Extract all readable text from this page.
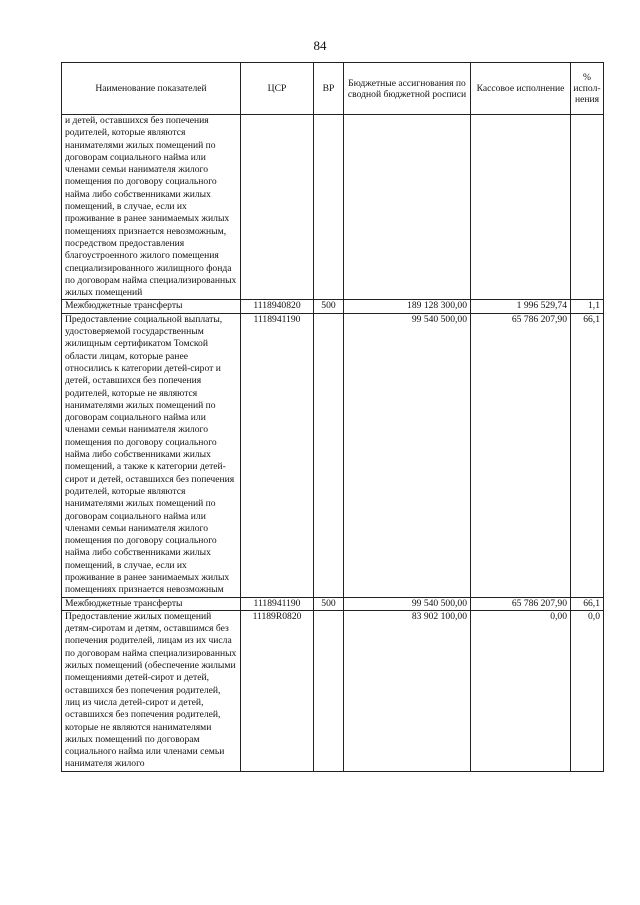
84
Наименование показателей	ЦСР	ВР	Бюджетные ассигнования по сводной бюджетной росписи	Кассовое исполнение	% испол-нения
и детей, оставшихся без попечения родителей, которые являются нанимателями жилых помещений по договорам социального найма или членами семьи нанимателя жилого помещения по договору социального найма либо собственниками жилых помещений, в случае, если их проживание в ранее занимаемых жилых помещениях признается невозможным, посредством предоставления благоустроенного жилого помещения специализированного жилищного фонда по договорам найма специализированных жилых помещений					
Межбюджетные трансферты	1118940820	500	189 128 300,00	1 996 529,74	1,1
Предоставление социальной выплаты, удостоверяемой государственным жилищным сертификатом Томской области лицам, которые ранее относились к категории детей-сирот и детей, оставшихся без попечения родителей, которые не являются нанимателями жилых помещений по договорам социального найма или членами семьи нанимателя жилого помещения по договору социального найма либо собственниками жилых помещений, а также к категории детей-сирот и детей, оставшихся без попечения родителей, которые являются нанимателями жилых помещений по договорам социального найма или членами семьи нанимателя жилого помещения по договору социального найма либо собственниками жилых помещений, в случае, если их проживание в ранее занимаемых жилых помещениях признается невозможным	1118941190		99 540 500,00	65 786 207,90	66,1
Межбюджетные трансферты	1118941190	500	99 540 500,00	65 786 207,90	66,1
Предоставление жилых помещений детям-сиротам и детям, оставшимся без попечения родителей, лицам из их числа по договорам найма специализированных жилых помещений (обеспечение жилыми помещениями детей-сирот и детей, оставшихся без попечения родителей, лиц из числа детей-сирот и детей, оставшихся без попечения родителей, которые не являются нанимателями жилых помещений по договорам социального найма или членами семьи нанимателя жилого	11189R0820		83 902 100,00	0,00	0,0
